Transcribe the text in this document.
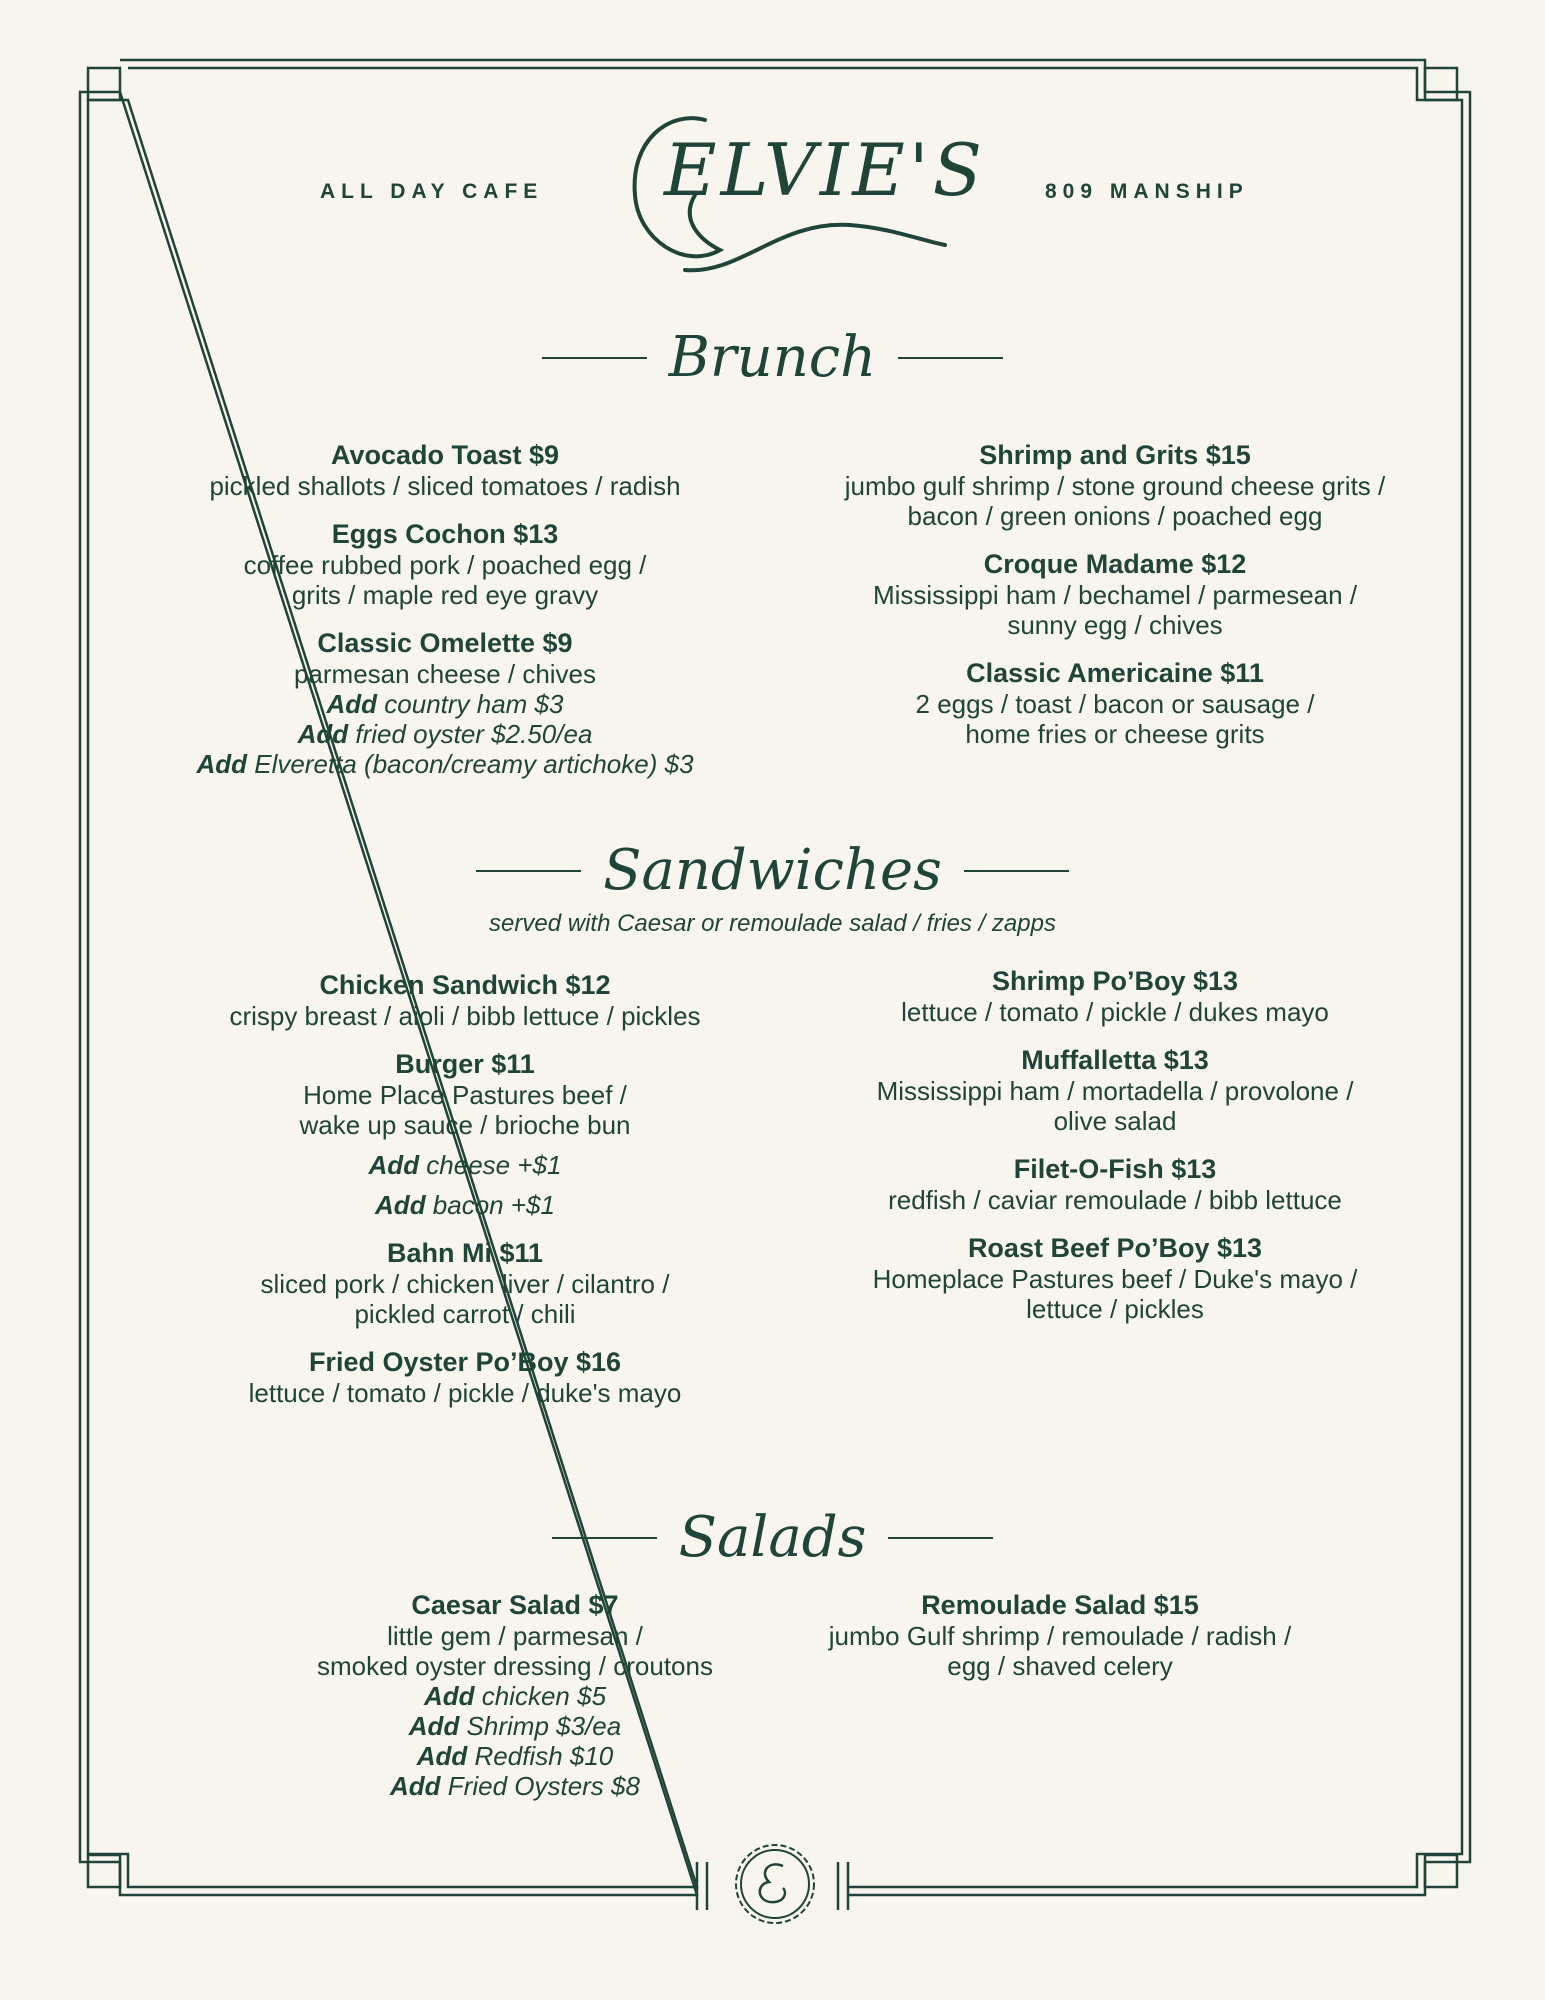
ALL DAY CAFE	809 MANSHIP
ELVIE'S
Brunch
Avocado Toast $9
pickled shallots / sliced tomatoes / radish
Eggs Cochon $13
coffee rubbed pork / poached egg /
grits / maple red eye gravy
Classic Omelette $9
parmesan cheese / chives
Add country ham $3
Add fried oyster $2.50/ea
Add Elveretta (bacon/creamy artichoke) $3
Shrimp and Grits $15
jumbo gulf shrimp / stone ground cheese grits /
bacon / green onions / poached egg
Croque Madame $12
Mississippi ham / bechamel / parmesean /
sunny egg / chives
Classic Americaine $11
2 eggs / toast / bacon or sausage /
home fries or cheese grits
Sandwiches
served with Caesar or remoulade salad / fries / zapps
Chicken Sandwich $12
crispy breast / aioli / bibb lettuce / pickles
Burger $11
Home Place Pastures beef /
wake up sauce / brioche bun
Add cheese +$1
Add bacon +$1
Bahn Mi $11
sliced pork / chicken liver / cilantro /
pickled carrot / chili
Fried Oyster Po’Boy $16
lettuce / tomato / pickle / duke's mayo
Shrimp Po’Boy $13
lettuce / tomato / pickle / dukes mayo
Muffalletta $13
Mississippi ham / mortadella / provolone /
olive salad
Filet-O-Fish $13
redfish / caviar remoulade / bibb lettuce
Roast Beef Po’Boy $13
Homeplace Pastures beef / Duke's mayo /
lettuce / pickles
Salads
Caesar Salad $7
little gem / parmesan /
smoked oyster dressing / croutons
Add chicken $5
Add Shrimp $3/ea
Add Redfish $10
Add Fried Oysters $8
Remoulade Salad $15
jumbo Gulf shrimp / remoulade / radish /
egg / shaved celery
